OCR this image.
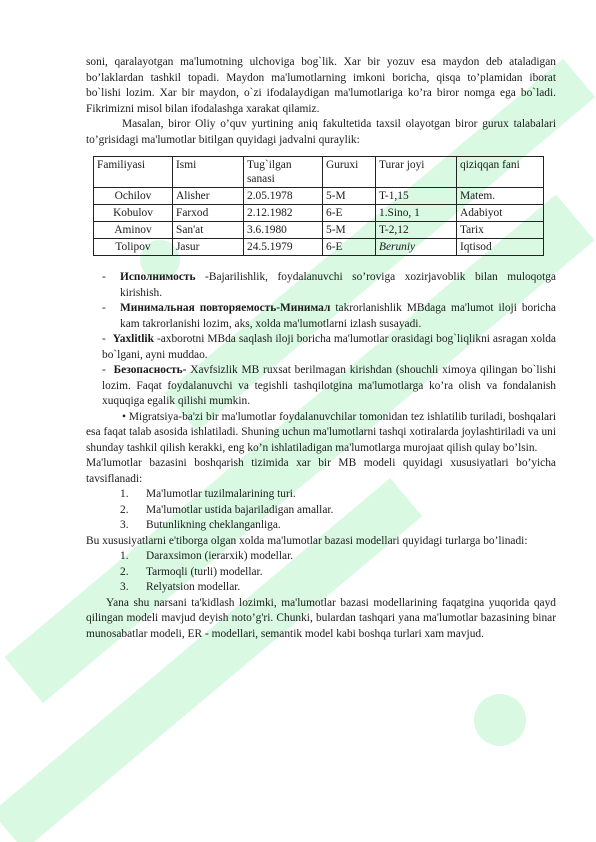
soni, qaralayotgan ma'lumotning ulchoviga bog`lik. Xar bir yozuv esa maydon deb ataladigan bo’laklardan tashkil topadi. Maydon ma'lumotlarning imkoni boricha, qisqa to’plamidan iborat bo`lishi lozim. Xar bir maydon, o`zi ifodalaydigan ma'lumotlariga ko’ra biror nomga ega bo`ladi. Fikrimizni misol bilan ifodalashga xarakat qilamiz.

Masalan, biror Oliy o’quv yurtining aniq fakultetida taxsil olayotgan biror guruх talabalari to’grisidagi ma'lumotlar bitilgan quyidagi jadvalni quraylik:

Familiyasi	Ismi	Tug`ilgan sanasi	Guruxi	Turar joyi	qiziqqan fani
Ochilov	Alisher	2.05.1978	5-M	T-1,15	Matem.
Kobulov	Farxod	2.12.1982	6-E	1.Sino, 1	Adabiyot
Aminov	San'at	3.6.1980	5-M	T-2,12	Tarix
Tolipov	Jasur	24.5.1979	6-E	Beruniy	Iqtisod

- Исполнимость -Bajarilishlik, foydalanuvchi so’roviga xozirjavoblik bilan muloqotga kirishish.

- Минимальная повторяемость-Минимал takrorlanishlik MBdaga ma'lumot iloji boricha kam takrorlanishi lozim, aks, xolda ma'lumotlarni izlash susayadi.

- Yaxlitlik -axborotni MBda saqlash iloji boricha ma'lumotlar orasidagi bog`liqlikni asragan xolda bo`lgani, ayni muddao.

- Безопасность- Xavfsizlik MB ruxsat berilmagan kirishdan (shouchli ximoya qilingan bo`lishi lozim. Faqat foydalanuvchi va tegishli tashqilotgina ma'lumotlarga ko’ra olish va fondalanish xuquqiga egalik qilishi mumkin.

• Migratsiya-ba'zi bir ma'lumotlar foydalanuvchilar tomonidan tez ishlatilib turiladi, boshqalari esa faqat talab asosida ishlatiladi. Shuning uchun ma'lumotlarni tashqi xotiralarda joylashtiriladi va uni shunday tashkil qilish kerakki, eng ko’n ishlatiladigan ma'lumotlarga murojaat qilish qulay bo’lsin.

Ma'lumotlar bazasini boshqarish tizimida xar bir MB modeli quyidagi xususiyatlari bo’yicha tavsiflanadi:

1. Ma'lumotlar tuzilmalarining turi.
2. Ma'lumotlar ustida bajariladigan amallar.
3. Butunlikning cheklanganliga.

Bu xususiyatlarni e'tiborga olgan xolda ma'lumotlar bazasi modellari quyidagi turlarga bo’linadi:

1. Daraxsimon (ierarxik) modellar.
2. Tarmoqli (turli) modellar.
3. Relyatsion modellar.

Yana shu narsani ta'kidlash lozimki, ma'lumotlar bazasi modellarining faqatgina yuqorida qayd qilingan modeli mavjud deyish noto’g'ri. Chunki, bulardan tashqari yana ma'lumotlar bazasining binar munosabatlar modeli, ER - modellari, semantik model kabi boshqa turlari xam mavjud.
